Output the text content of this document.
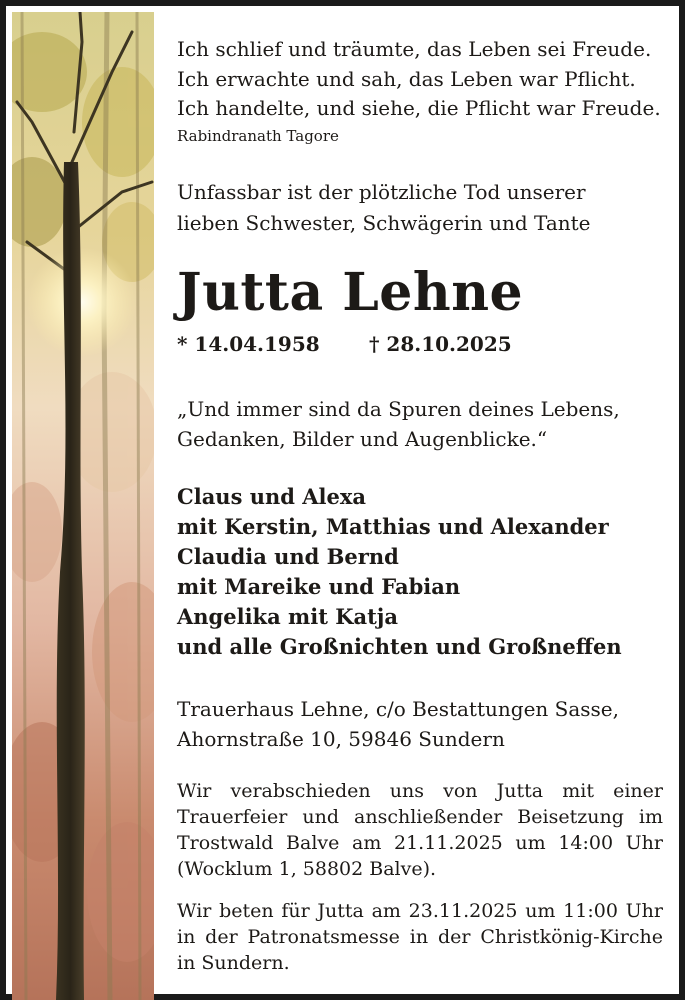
Ich schlief und träumte, das Leben sei Freude.
Ich erwachte und sah, das Leben war Pflicht.
Ich handelte, und siehe, die Pflicht war Freude.
Rabindranath Tagore
Unfassbar ist der plötzliche Tod unserer
lieben Schwester, Schwägerin und Tante
Jutta Lehne
* 14.04.1958 † 28.10.2025
„Und immer sind da Spuren deines Lebens,
Gedanken, Bilder und Augenblicke.“
Claus und Alexa
mit Kerstin, Matthias und Alexander
Claudia und Bernd
mit Mareike und Fabian
Angelika mit Katja
und alle Großnichten und Großneffen
Trauerhaus Lehne, c/o Bestattungen Sasse,
Ahornstraße 10, 59846 Sundern
Wir verabschieden uns von Jutta mit einer Trauerfeier und anschließender Beisetzung im Trostwald Balve am 21.11.2025 um 14:00 Uhr (Wocklum 1, 58802 Balve).
Wir beten für Jutta am 23.11.2025 um 11:00 Uhr in der Patronatsmesse in der Christkönig-Kirche in Sundern.
